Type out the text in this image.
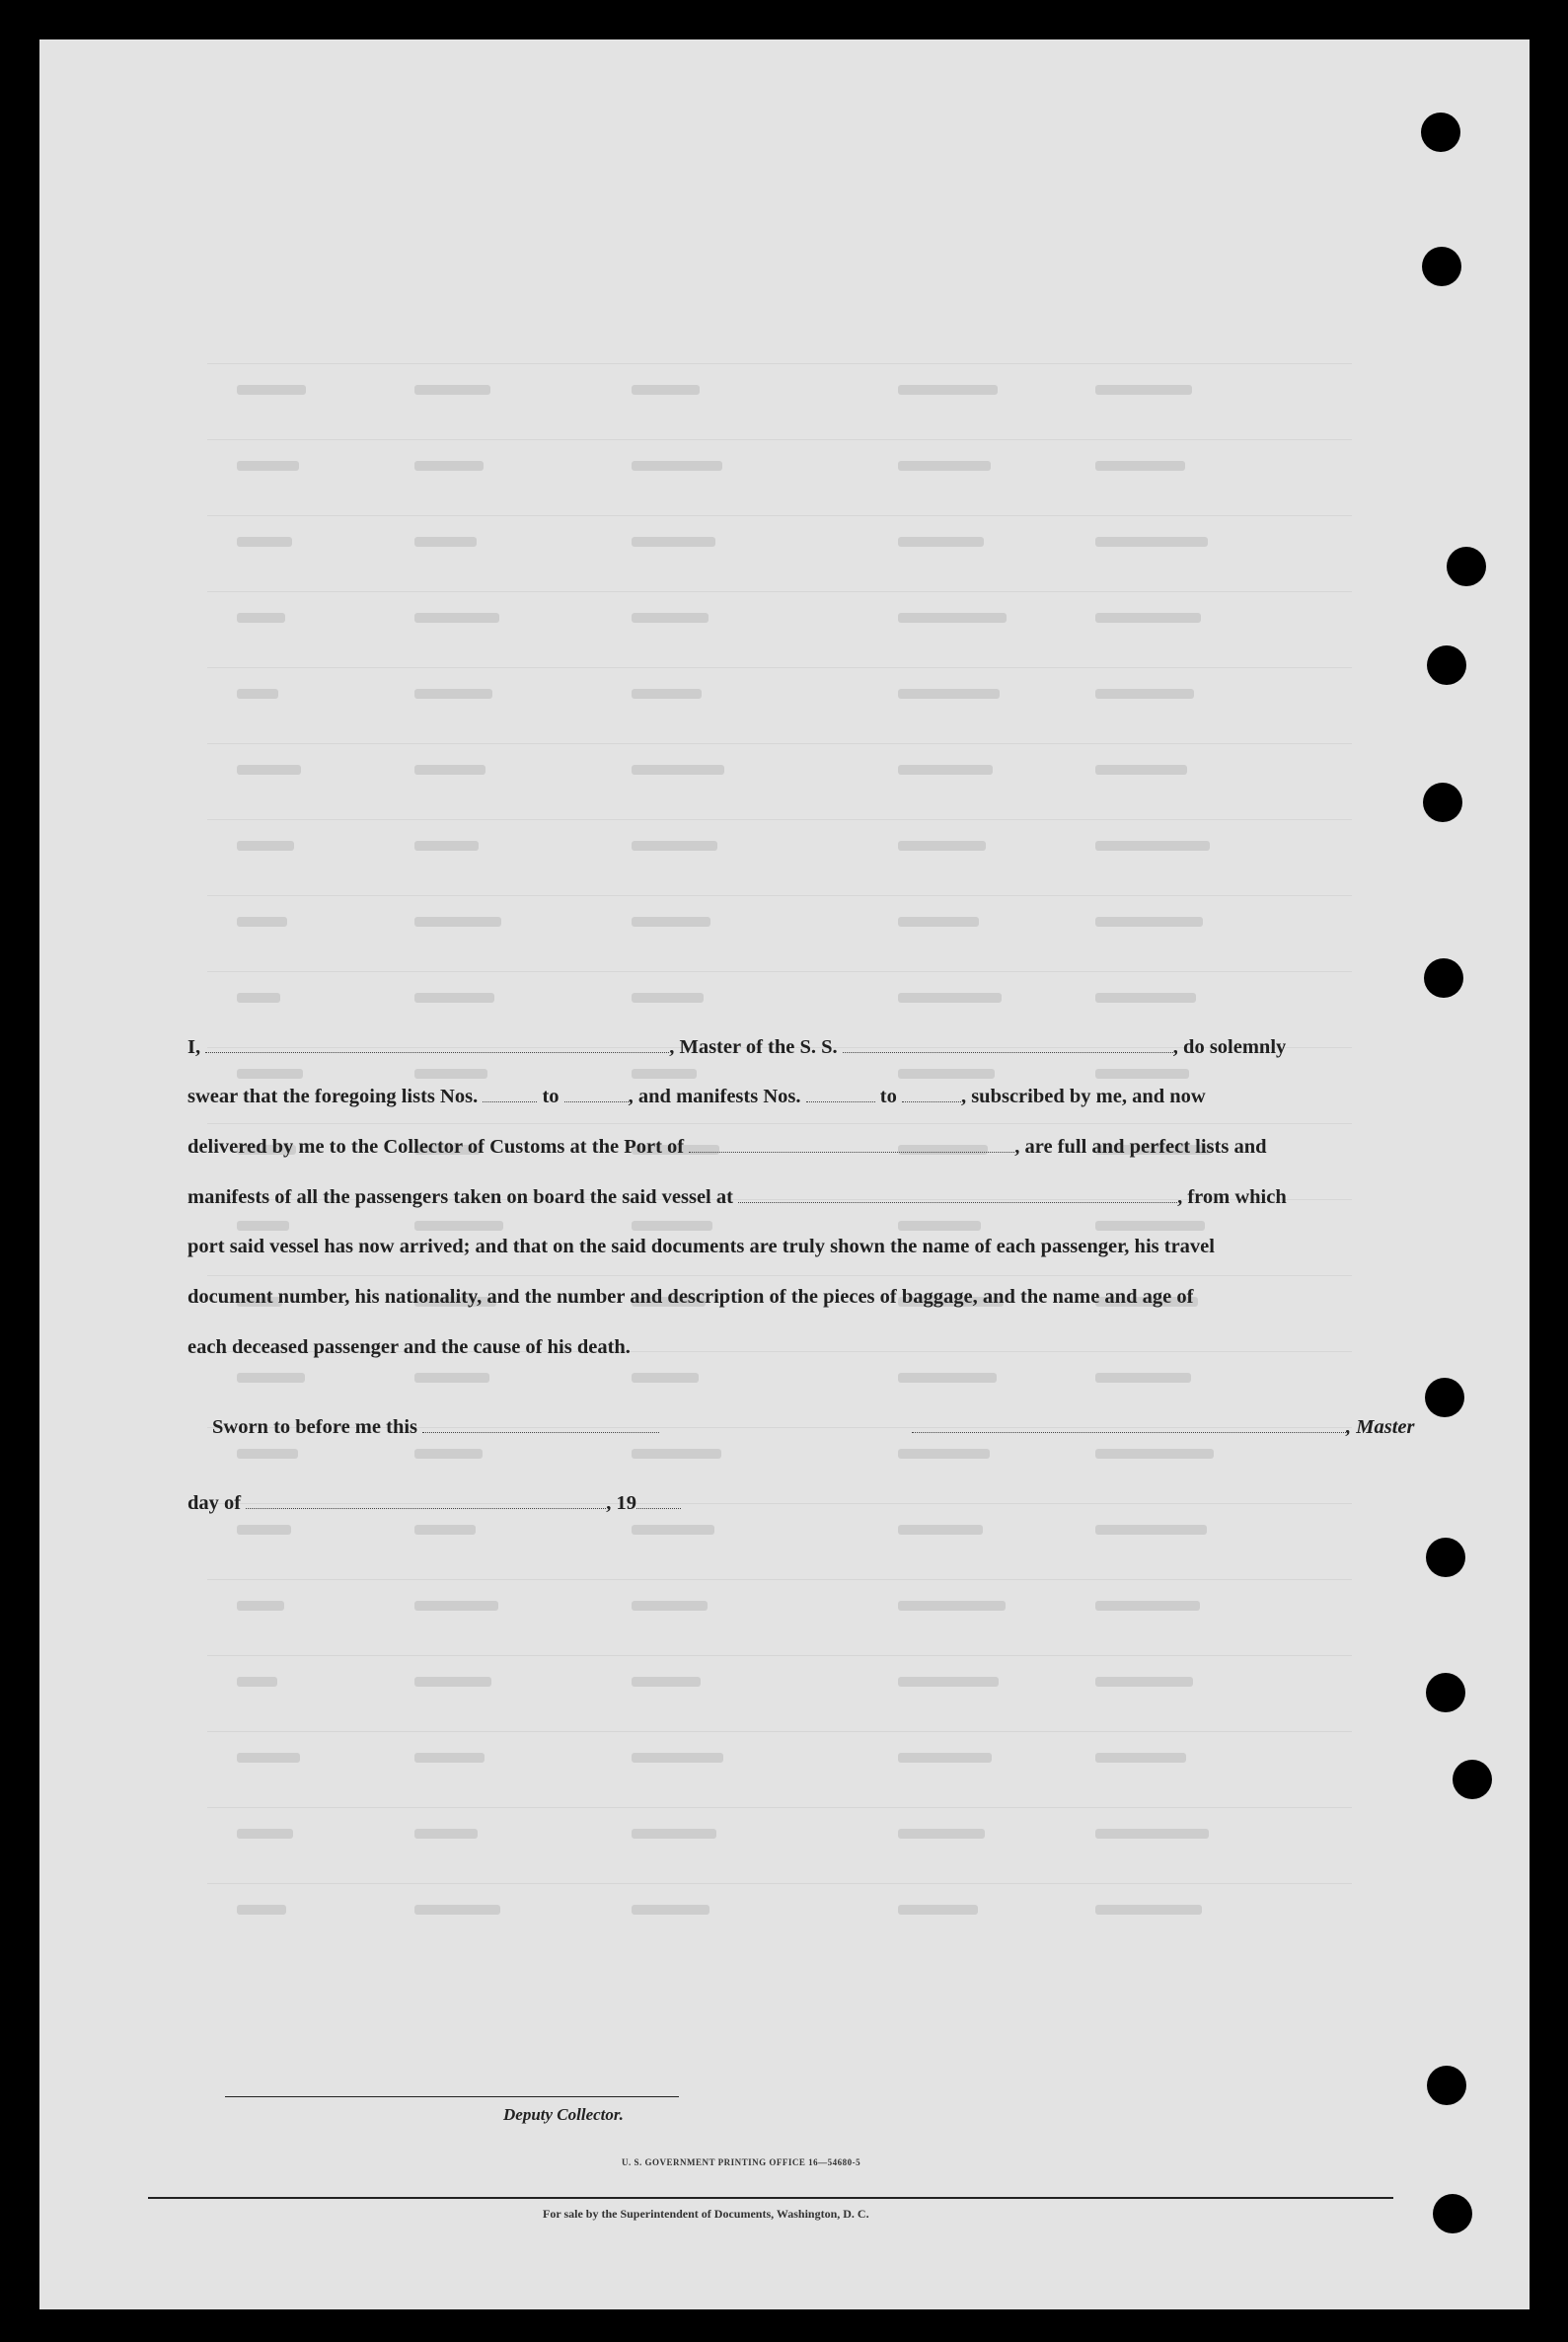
I,	, Master of the S. S.	, do solemnly
swear that the foregoing lists Nos.	to	, and manifests Nos.	to	, subscribed by me, and now
delivered by me to the Collector of Customs at the Port of	, are full and perfect lists and
manifests of all the passengers taken on board the said vessel at	, from which
port said vessel has now arrived; and that on the said documents are truly shown the name of each passenger, his travel
document number, his nationality, and the number and description of the pieces of baggage, and the name and age of
each deceased passenger and the cause of his death.
Sworn to before me this	, Master
day of	, 19
Deputy Collector.
U. S. GOVERNMENT PRINTING OFFICE 16—54680-5
For sale by the Superintendent of Documents, Washington, D. C.
